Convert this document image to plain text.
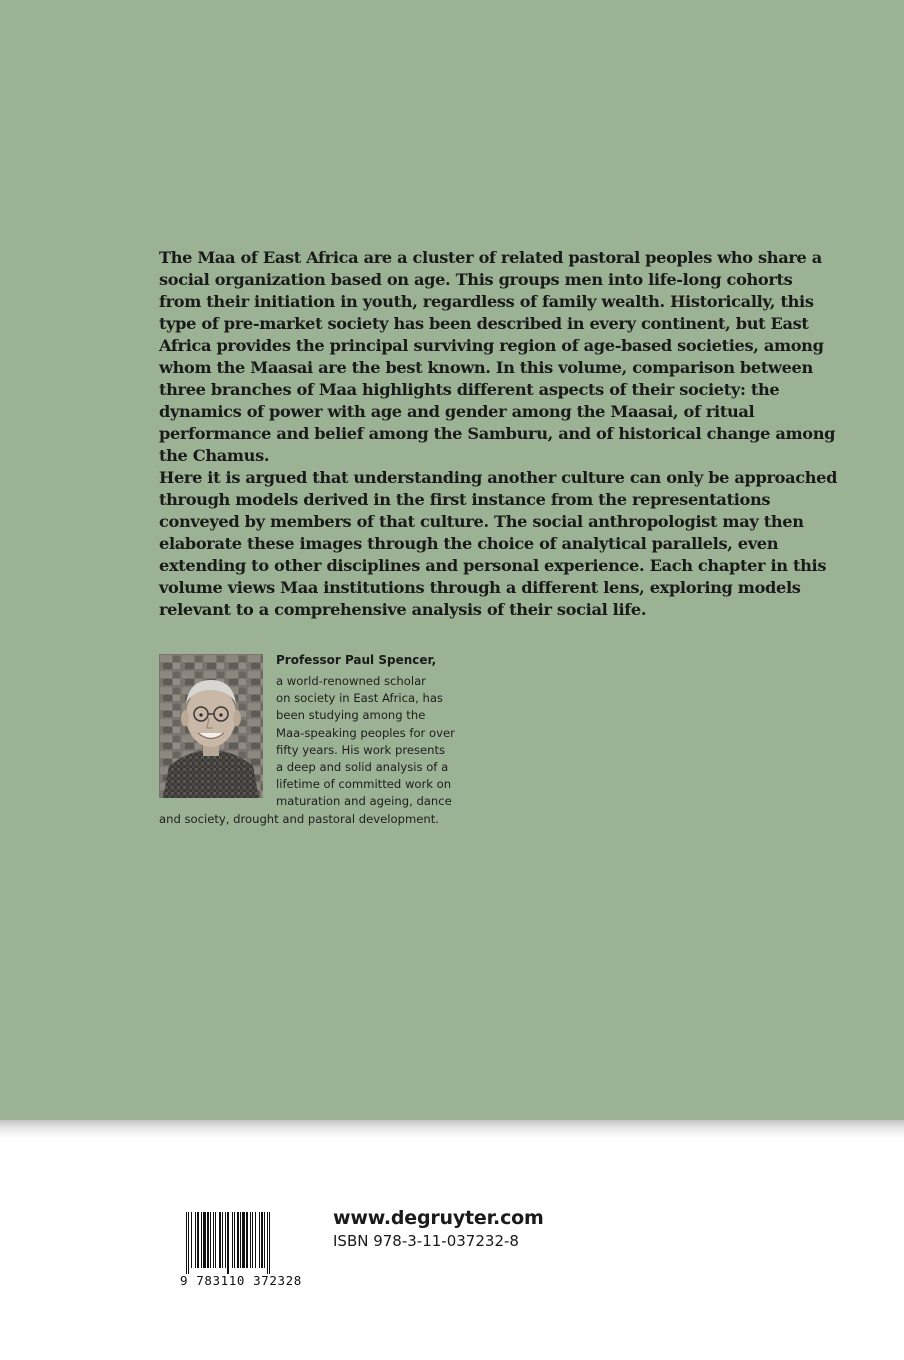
The Maa of East Africa are a cluster of related pastoral peoples who share a social organization based on age. This groups men into life-long cohorts from their initiation in youth, regardless of family wealth. Historically, this type of pre-market society has been described in every continent, but East Africa provides the principal surviving region of age-based societies, among whom the Maasai are the best known. In this volume, comparison between three branches of Maa highlights different aspects of their society: the dynamics of power with age and gender among the Maasai, of ritual performance and belief among the Samburu, and of historical change among the Chamus.

Here it is argued that understanding another culture can only be approached through models derived in the first instance from the representations conveyed by members of that culture. The social anthropologist may then elaborate these images through the choice of analytical parallels, even extending to other disciplines and personal experience. Each chapter in this volume views Maa institutions through a different lens, exploring models relevant to a comprehensive analysis of their social life.

Professor Paul Spencer,
a world-renowned scholar
on society in East Africa, has
been studying among the
Maa-speaking peoples for over
fifty years. His work presents
a deep and solid analysis of a
lifetime of committed work on
maturation and ageing, dance
and society, drought and pastoral development.
9 783110 372328
www.degruyter.com
ISBN 978-3-11-037232-8
